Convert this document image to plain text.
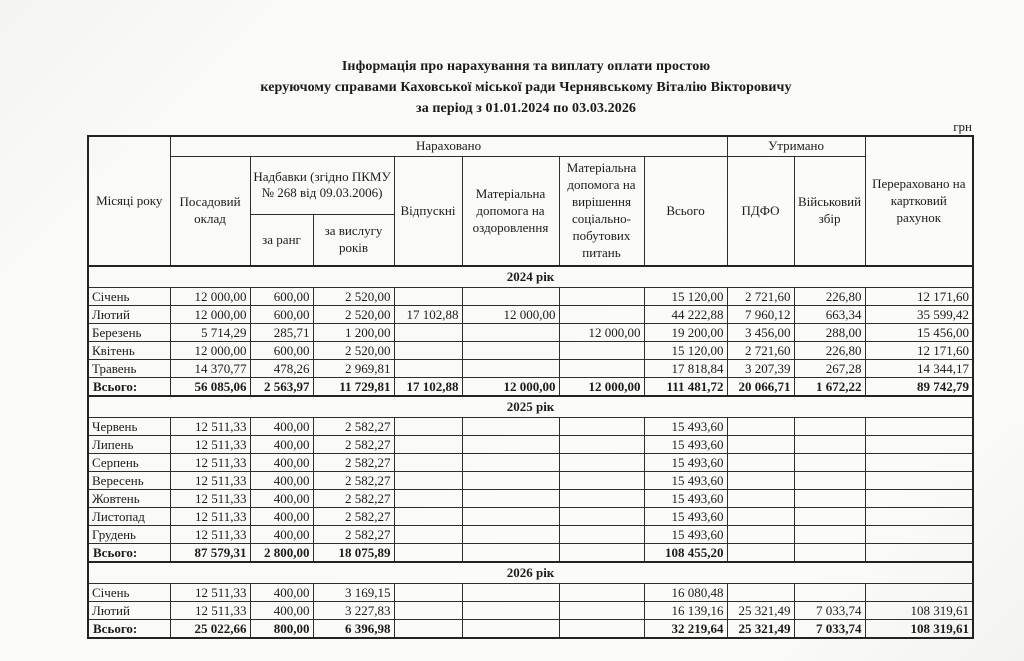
Інформація про нарахування та виплату оплати простою
керуючому справами Каховської міської ради Чернявському Віталію Вікторовичу
за період з 01.01.2024 по 03.03.2026
грн
Місяці року	Нараховано							Утримано		Перераховано на картковий рахунок
	Посадовий оклад	Надбавки (згідно ПКМУ № 268 від 09.03.2006)		Відпускні	Матеріальна допомога на оздоровлення	Матеріальна допомога на вирішення соціально-побутових питань	Всього	ПДФО	Військовий збір	
		за ранг	за вислугу років							
2024 рік										
Січень	12 000,00	600,00	2 520,00				15 120,00	2 721,60	226,80	12 171,60
Лютий	12 000,00	600,00	2 520,00	17 102,88	12 000,00		44 222,88	7 960,12	663,34	35 599,42
Березень	5 714,29	285,71	1 200,00			12 000,00	19 200,00	3 456,00	288,00	15 456,00
Квітень	12 000,00	600,00	2 520,00				15 120,00	2 721,60	226,80	12 171,60
Травень	14 370,77	478,26	2 969,81				17 818,84	3 207,39	267,28	14 344,17
Всього:	56 085,06	2 563,97	11 729,81	17 102,88	12 000,00	12 000,00	111 481,72	20 066,71	1 672,22	89 742,79
2025 рік										
Червень	12 511,33	400,00	2 582,27				15 493,60			
Липень	12 511,33	400,00	2 582,27				15 493,60			
Серпень	12 511,33	400,00	2 582,27				15 493,60			
Вересень	12 511,33	400,00	2 582,27				15 493,60			
Жовтень	12 511,33	400,00	2 582,27				15 493,60			
Листопад	12 511,33	400,00	2 582,27				15 493,60			
Грудень	12 511,33	400,00	2 582,27				15 493,60			
Всього:	87 579,31	2 800,00	18 075,89				108 455,20			
2026 рік										
Січень	12 511,33	400,00	3 169,15				16 080,48			
Лютий	12 511,33	400,00	3 227,83				16 139,16	25 321,49	7 033,74	108 319,61
Всього:	25 022,66	800,00	6 396,98				32 219,64	25 321,49	7 033,74	108 319,61
